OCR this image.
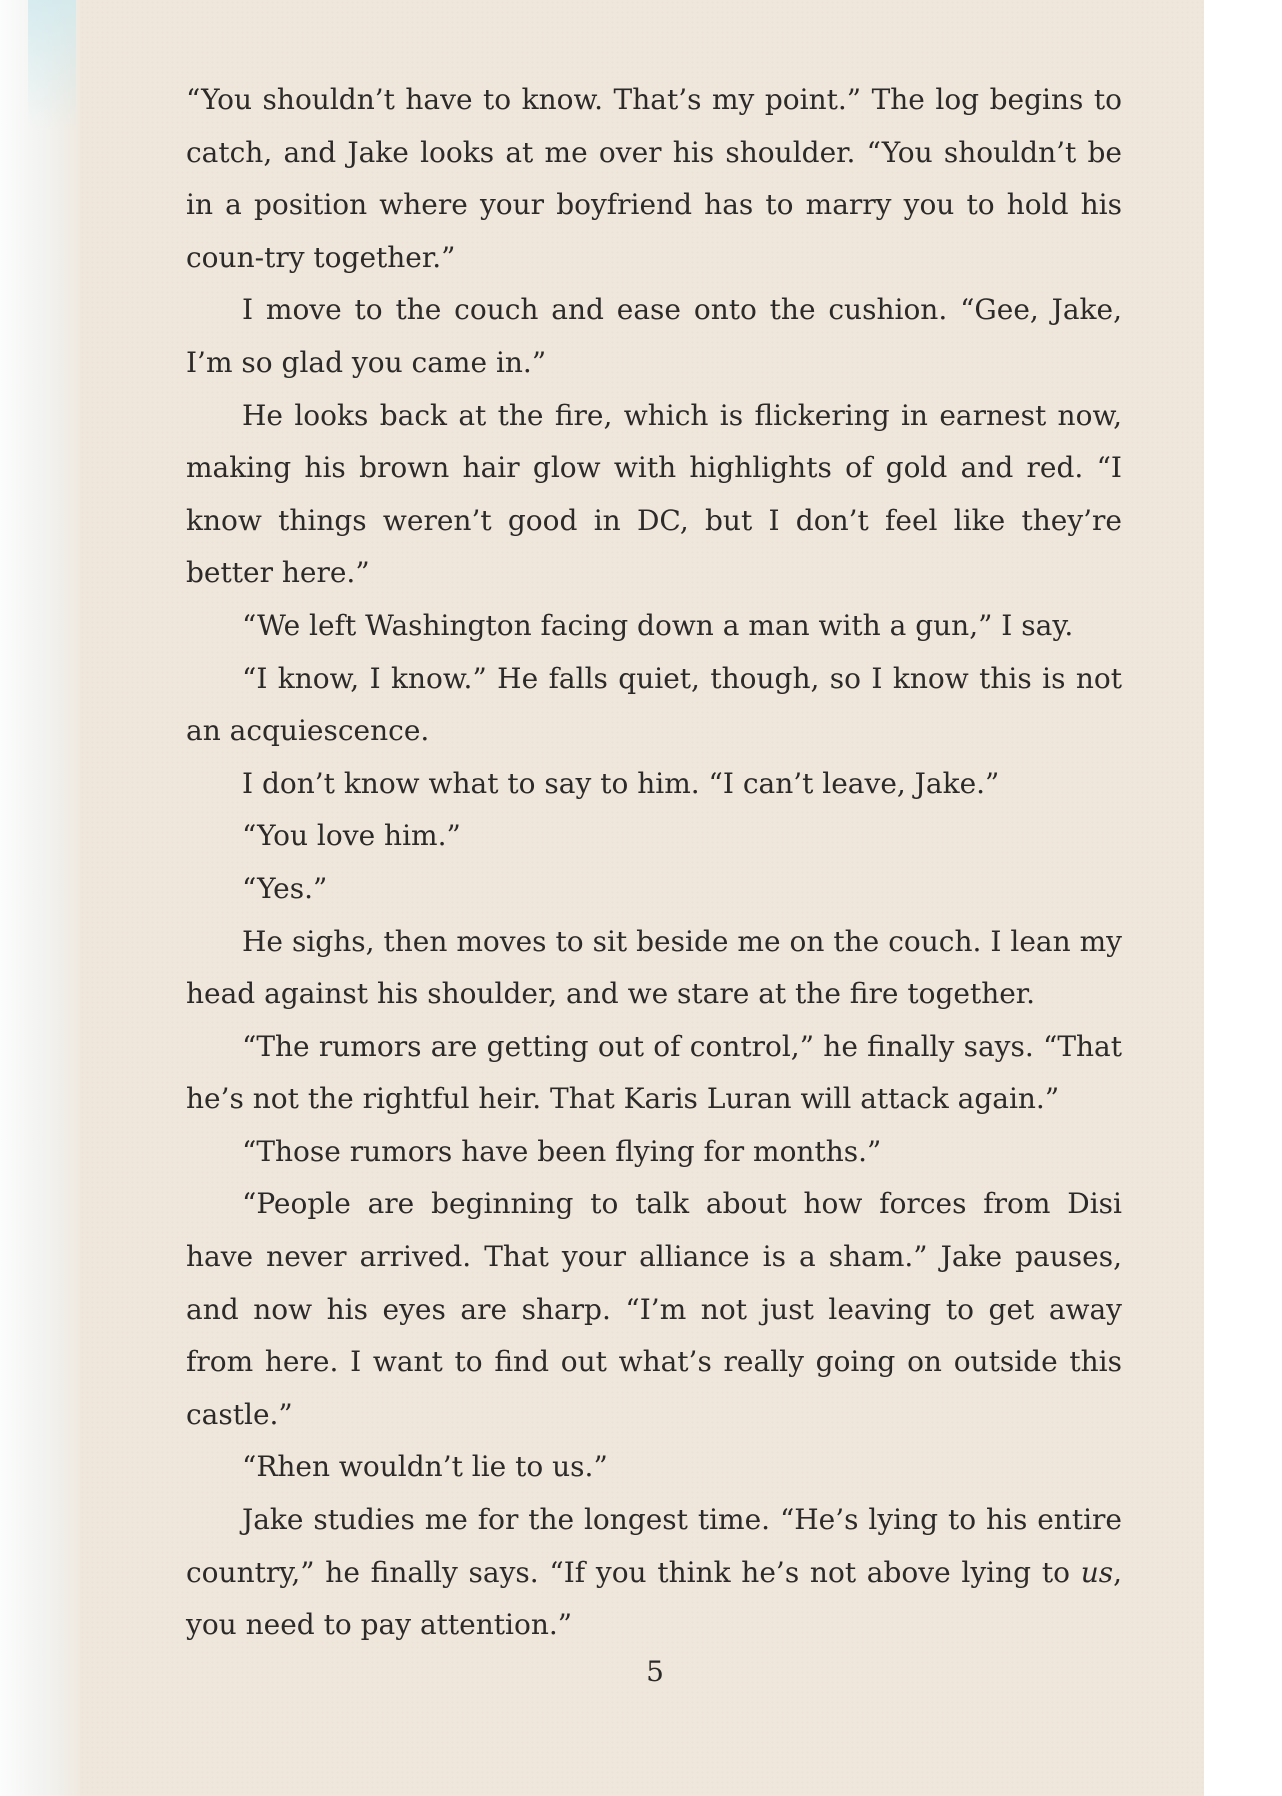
“You shouldn’t have to know. That’s my point.” The log begins to catch, and Jake looks at me over his shoulder. “You shouldn’t be in a position where your boyfriend has to marry you to hold his coun-try together.”

I move to the couch and ease onto the cushion. “Gee, Jake, I’m so glad you came in.”

He looks back at the fire, which is flickering in earnest now, making his brown hair glow with highlights of gold and red. “I know things weren’t good in DC, but I don’t feel like they’re better here.”

“We left Washington facing down a man with a gun,” I say.

“I know, I know.” He falls quiet, though, so I know this is not an acquiescence.

I don’t know what to say to him. “I can’t leave, Jake.”

“You love him.”

“Yes.”

He sighs, then moves to sit beside me on the couch. I lean my head against his shoulder, and we stare at the fire together.

“The rumors are getting out of control,” he finally says. “That he’s not the rightful heir. That Karis Luran will attack again.”

“Those rumors have been flying for months.”

“People are beginning to talk about how forces from Disi have never arrived. That your alliance is a sham.” Jake pauses, and now his eyes are sharp. “I’m not just leaving to get away from here. I want to find out what’s really going on outside this castle.”

“Rhen wouldn’t lie to us.”

Jake studies me for the longest time. “He’s lying to his entire country,” he finally says. “If you think he’s not above lying to us, you need to pay attention.”

5
